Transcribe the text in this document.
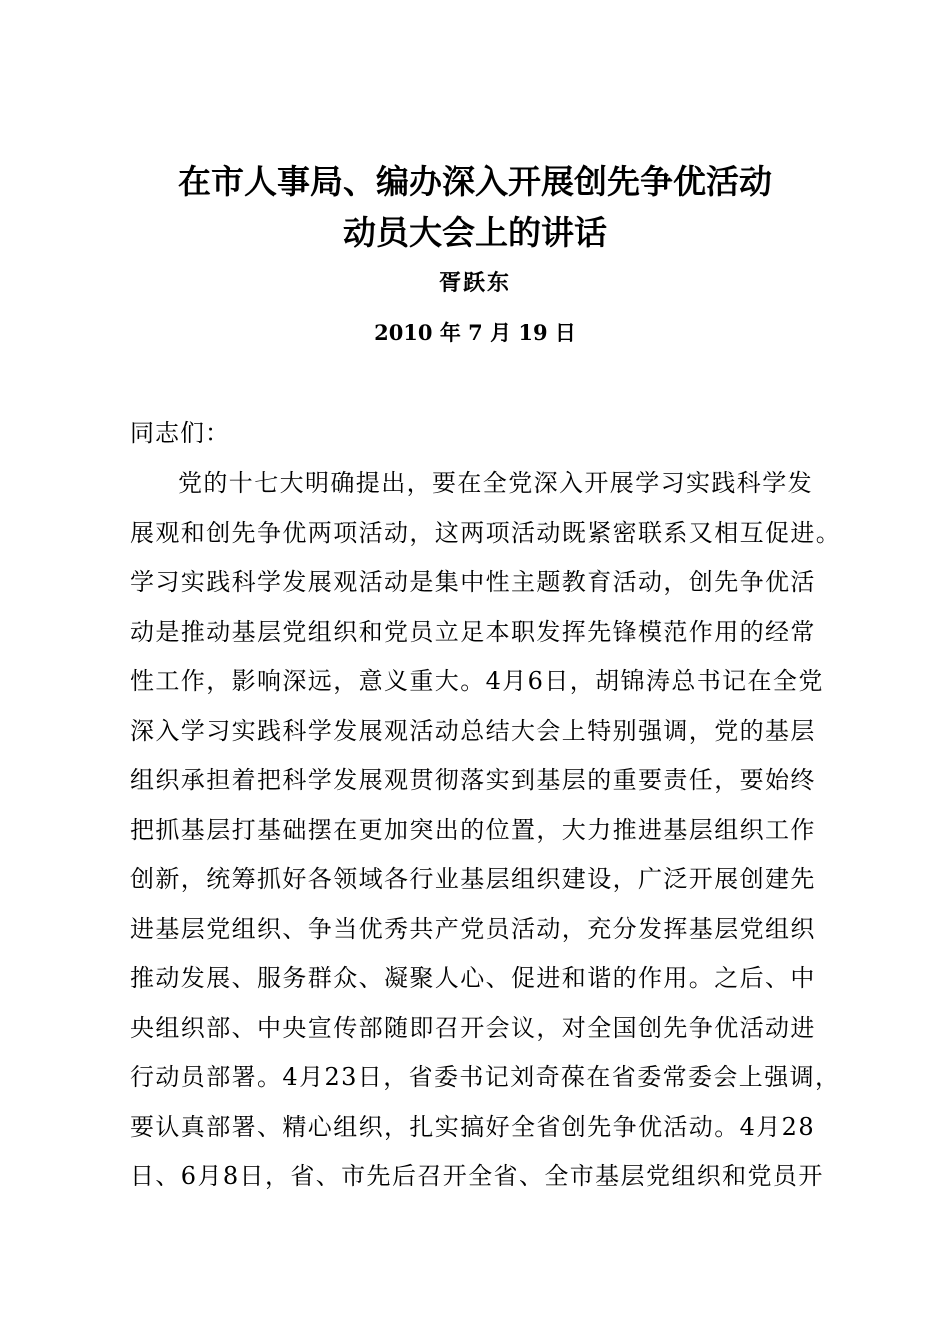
在市人事局、编办深入开展创先争优活动
动员大会上的讲话
胥跃东
2010 年 7 月 19 日
同志们：
党的十七大明确提出，要在全党深入开展学习实践科学发
展观和创先争优两项活动，这两项活动既紧密联系又相互促进。
学习实践科学发展观活动是集中性主题教育活动，创先争优活
动是推动基层党组织和党员立足本职发挥先锋模范作用的经常
性工作，影响深远，意义重大。4月6日，胡锦涛总书记在全党
深入学习实践科学发展观活动总结大会上特别强调，党的基层
组织承担着把科学发展观贯彻落实到基层的重要责任，要始终
把抓基层打基础摆在更加突出的位置，大力推进基层组织工作
创新，统筹抓好各领域各行业基层组织建设，广泛开展创建先
进基层党组织、争当优秀共产党员活动，充分发挥基层党组织
推动发展、服务群众、凝聚人心、促进和谐的作用。之后、中
央组织部、中央宣传部随即召开会议，对全国创先争优活动进
行动员部署。4月23日，省委书记刘奇葆在省委常委会上强调，
要认真部署、精心组织，扎实搞好全省创先争优活动。4月28
日、6月8日，省、市先后召开全省、全市基层党组织和党员开
